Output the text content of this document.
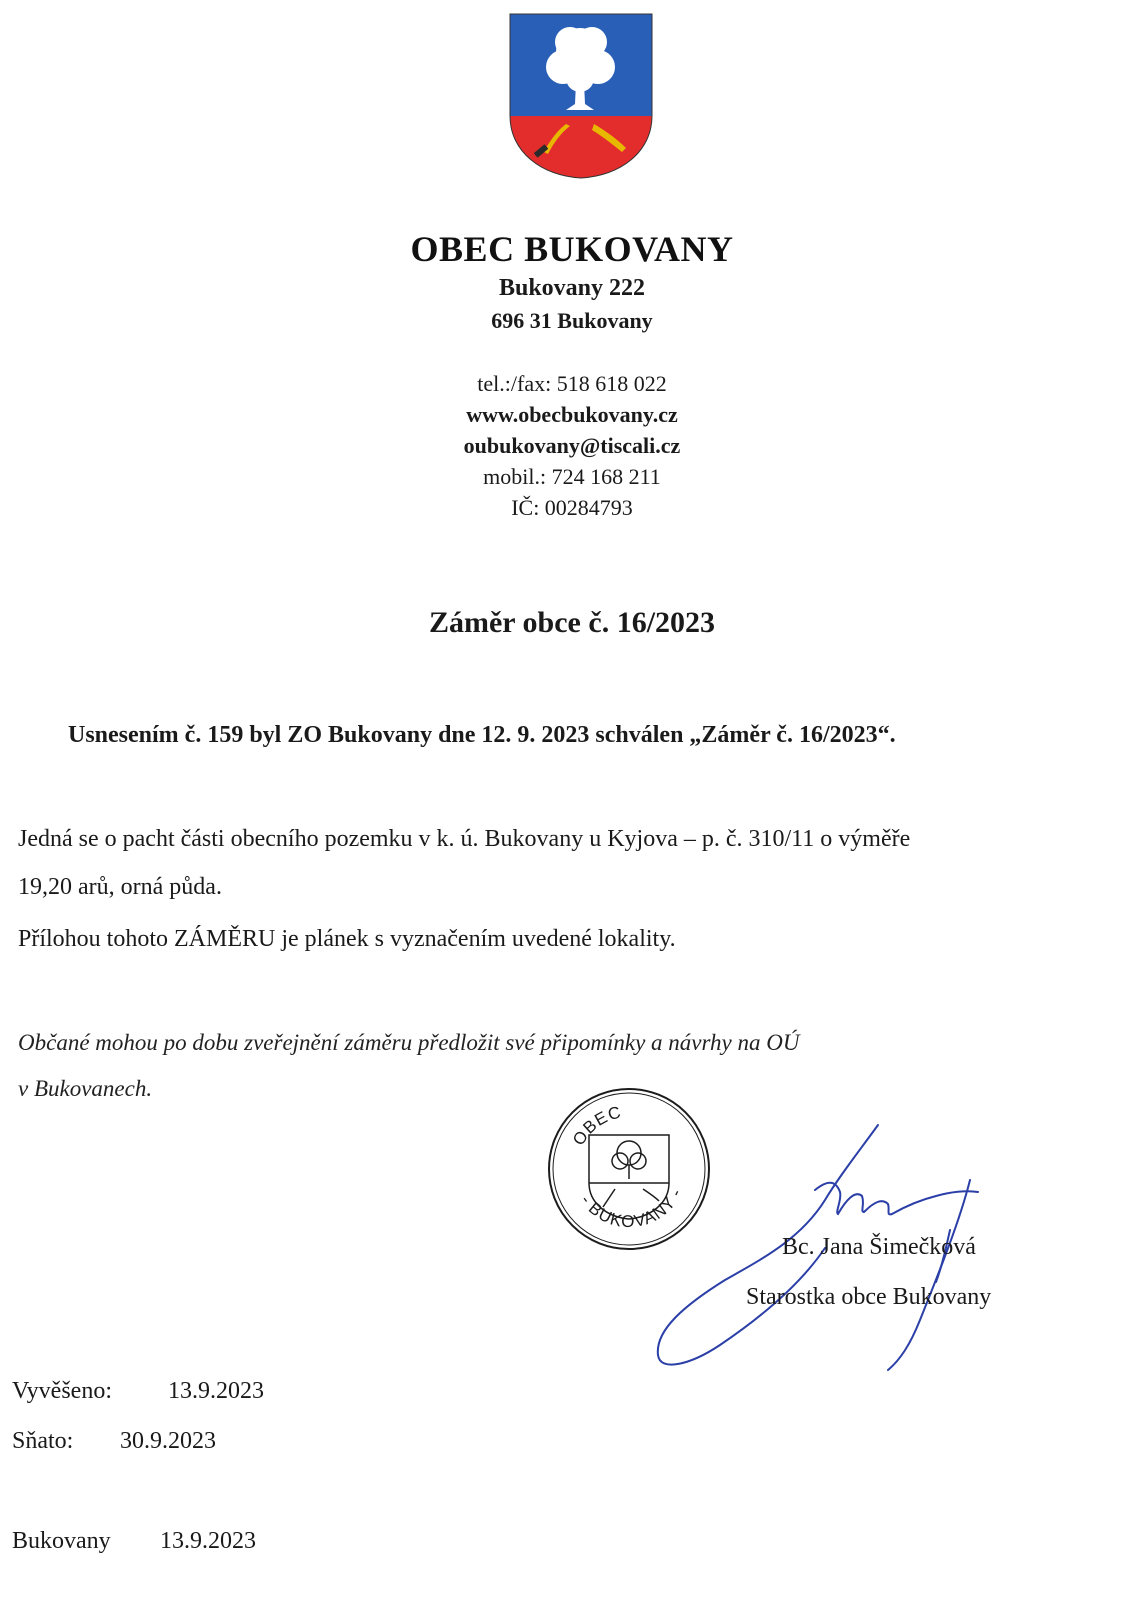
OBEC BUKOVANY
Bukovany 222
696 31 Bukovany
tel.:/fax: 518 618 022
www.obecbukovany.cz
oubukovany@tiscali.cz
mobil.: 724 168 211
IČ: 00284793
Záměr obce č. 16/2023
Usnesením č. 159 byl ZO Bukovany dne 12. 9. 2023 schválen „Záměr č. 16/2023“.
Jedná se o pacht části obecního pozemku v k. ú. Bukovany u Kyjova – p. č. 310/11 o výměře
19,20 arů, orná půda.
Přílohou tohoto ZÁMĚRU je plánek s vyznačením uvedené lokality.
Občané mohou po dobu zveřejnění záměru předložit své připomínky a návrhy na OÚ
v Bukovanech.
OBEC
- BUKOVANY -
Bc. Jana Šimečková
Starostka obce Bukovany
Vyvěšeno: 13.9.2023
Sňato: 30.9.2023
Bukovany 13.9.2023
